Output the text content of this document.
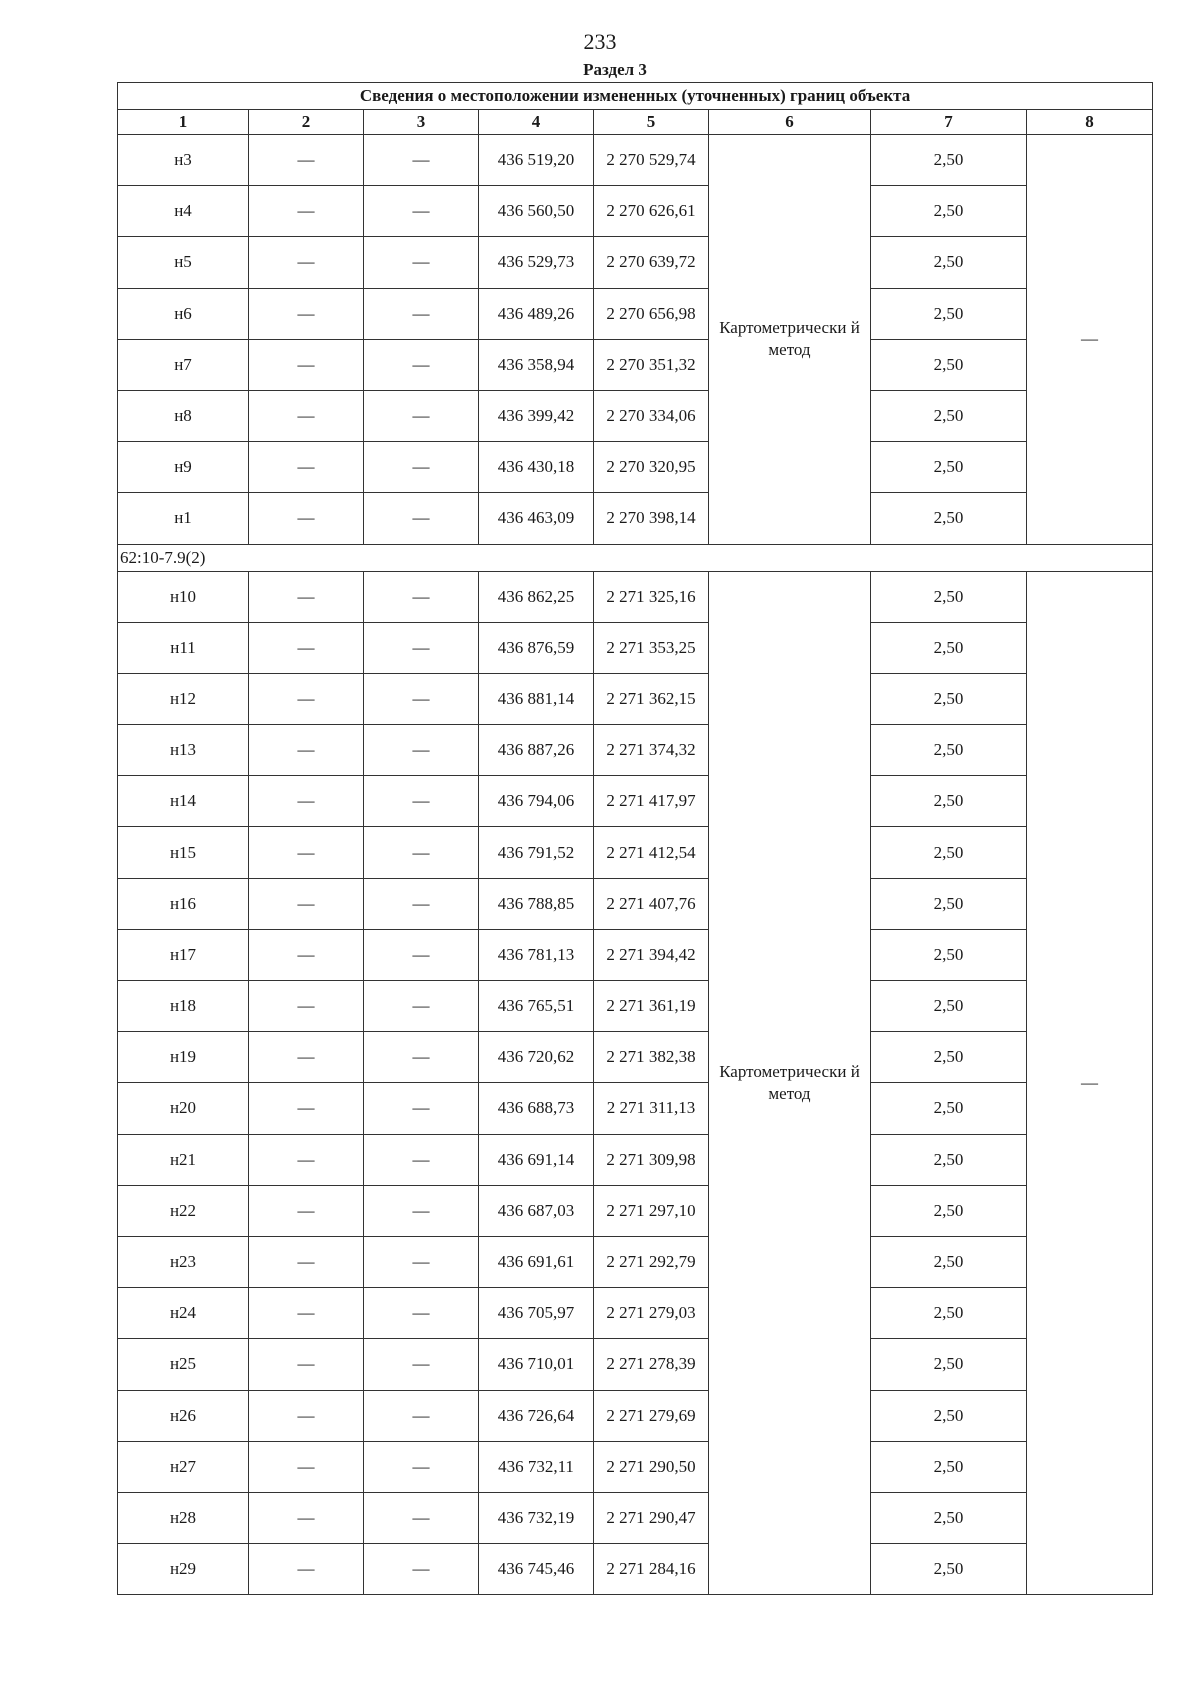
233
Раздел 3
Сведения о местоположении измененных (уточненных) границ объекта							
1	2	3	4	5	6	7	8
н3	—	—	436 519,20	2 270 529,74	Картометрически й метод	2,50	—
н4	—	—	436 560,50	2 270 626,61		2,50	
н5	—	—	436 529,73	2 270 639,72		2,50	
н6	—	—	436 489,26	2 270 656,98		2,50	
н7	—	—	436 358,94	2 270 351,32		2,50	
н8	—	—	436 399,42	2 270 334,06		2,50	
н9	—	—	436 430,18	2 270 320,95		2,50	
н1	—	—	436 463,09	2 270 398,14		2,50	
62:10-7.9(2)							
н10	—	—	436 862,25	2 271 325,16	Картометрически й метод	2,50	—
н11	—	—	436 876,59	2 271 353,25		2,50	
н12	—	—	436 881,14	2 271 362,15		2,50	
н13	—	—	436 887,26	2 271 374,32		2,50	
н14	—	—	436 794,06	2 271 417,97		2,50	
н15	—	—	436 791,52	2 271 412,54		2,50	
н16	—	—	436 788,85	2 271 407,76		2,50	
н17	—	—	436 781,13	2 271 394,42		2,50	
н18	—	—	436 765,51	2 271 361,19		2,50	
н19	—	—	436 720,62	2 271 382,38		2,50	
н20	—	—	436 688,73	2 271 311,13		2,50	
н21	—	—	436 691,14	2 271 309,98		2,50	
н22	—	—	436 687,03	2 271 297,10		2,50	
н23	—	—	436 691,61	2 271 292,79		2,50	
н24	—	—	436 705,97	2 271 279,03		2,50	
н25	—	—	436 710,01	2 271 278,39		2,50	
н26	—	—	436 726,64	2 271 279,69		2,50	
н27	—	—	436 732,11	2 271 290,50		2,50	
н28	—	—	436 732,19	2 271 290,47		2,50	
н29	—	—	436 745,46	2 271 284,16		2,50	
